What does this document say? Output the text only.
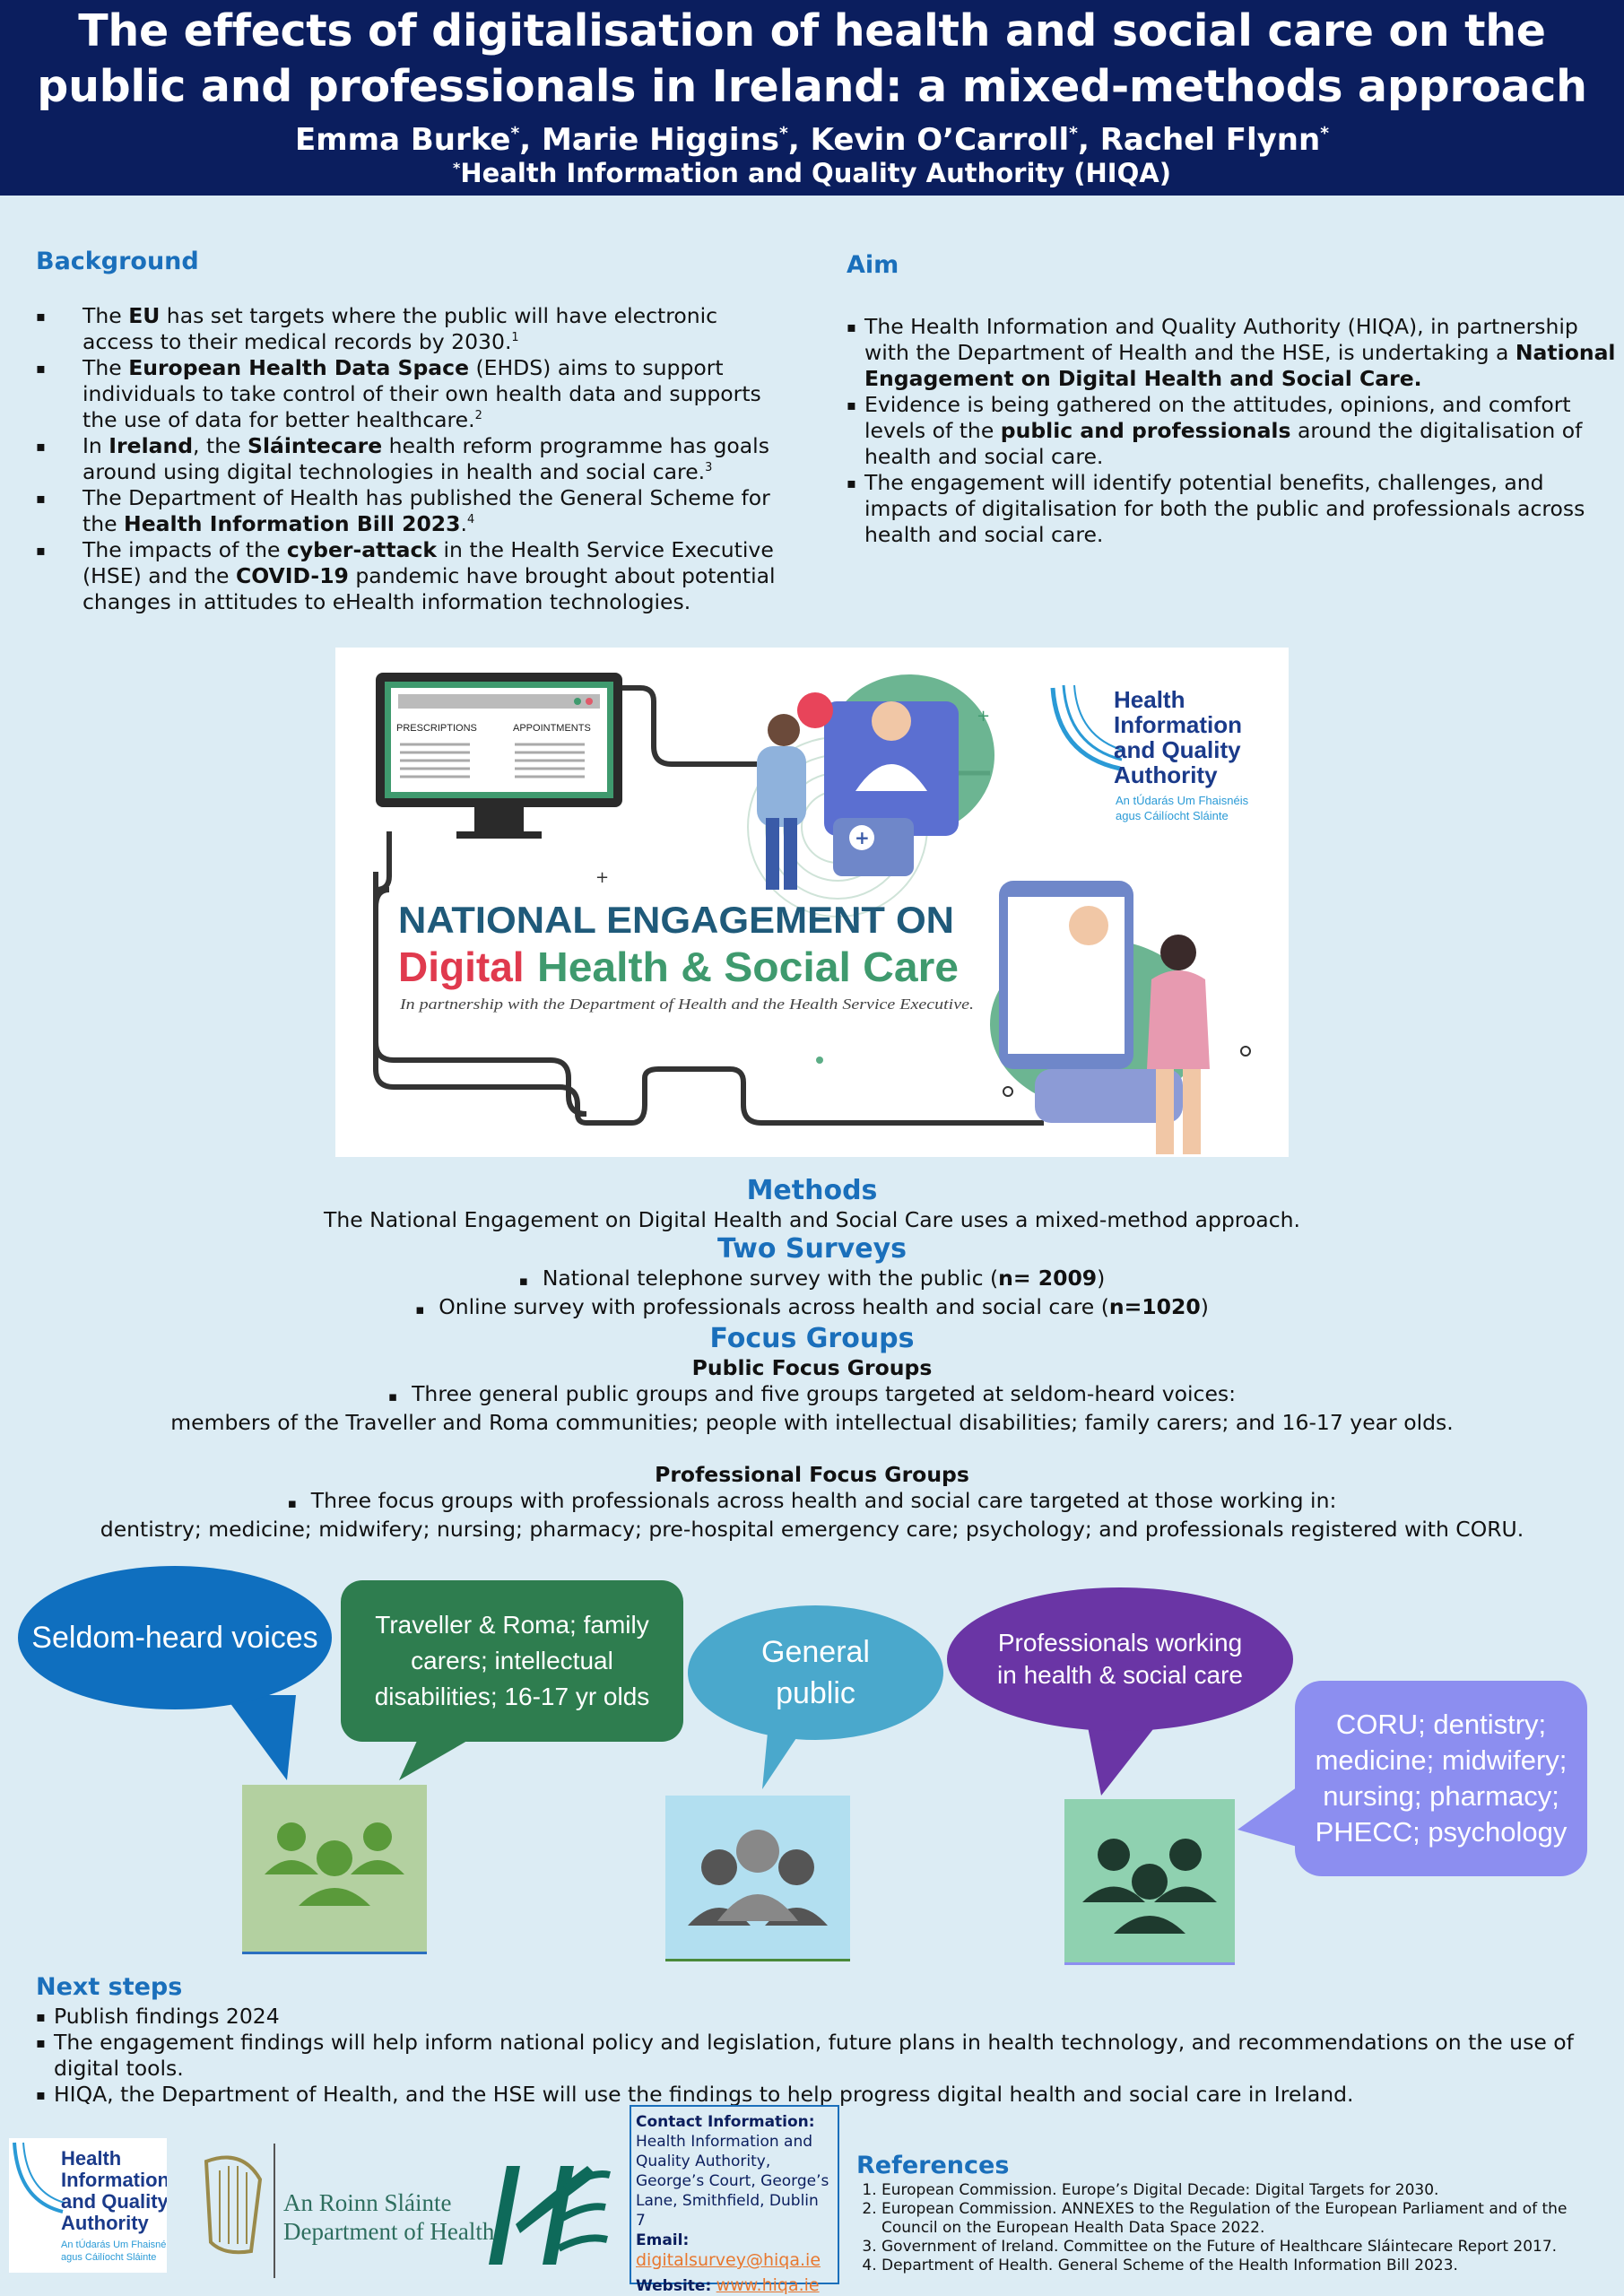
The effects of digitalisation of health and social care on the
public and professionals in Ireland: a mixed-methods approach
Emma Burke*, Marie Higgins*, Kevin O’Carroll*, Rachel Flynn*
*Health Information and Quality Authority (HIQA)
Background
▪ The EU has set targets where the public will have electronic access to their medical records by 2030.$^1$
▪ The European Health Data Space (EHDS) aims to support individuals to take control of their own health data and supports the use of data for better healthcare.$^2$
▪ In Ireland, the Sláintecare health reform programme has goals around using digital technologies in health and social care.$^3$
▪ The Department of Health has published the General Scheme for the Health Information Bill 2023.$^4$
▪ The impacts of the cyber-attack in the Health Service Executive (HSE) and the COVID-19 pandemic have brought about potential changes in attitudes to eHealth information technologies.
Aim
▪ The Health Information and Quality Authority (HIQA), in partnership with the Department of Health and the HSE, is undertaking a National Engagement on Digital Health and Social Care.
▪ Evidence is being gathered on the attitudes, opinions, and comfort levels of the public and professionals around the digitalisation of health and social care.
▪ The engagement will identify potential benefits, challenges, and impacts of digitalisation for both the public and professionals across health and social care.
PRESCRIPTIONS	APPOINTMENTS
+
+
+
Health
Information
and Quality
Authority
An tÚdarás Um Fhaisnéis
agus Cáilíocht Sláinte
NATIONAL ENGAGEMENT ON
Digital Health & Social Care
In partnership with the Department of Health and the Health Service Executive.
Methods
The National Engagement on Digital Health and Social Care uses a mixed-method approach.
Two Surveys
▪ National telephone survey with the public (n= 2009)
▪ Online survey with professionals across health and social care (n=1020)
Focus Groups
Public Focus Groups
▪ Three general public groups and five groups targeted at seldom-heard voices:
members of the Traveller and Roma communities; people with intellectual disabilities; family carers; and 16-17 year olds.
Professional Focus Groups
▪ Three focus groups with professionals across health and social care targeted at those working in:
dentistry; medicine; midwifery; nursing; pharmacy; pre-hospital emergency care; psychology; and professionals registered with CORU.
Seldom-heard voices	Traveller & Roma; family carers; intellectual disabilities; 16-17 yr olds
General public
Professionals working in health & social care
CORU; dentistry; medicine; midwifery; nursing; pharmacy; PHECC; psychology
Next steps
▪ Publish findings 2024
▪ The engagement findings will help inform national policy and legislation, future plans in health technology, and recommendations on the use of digital tools.
▪ HIQA, the Department of Health, and the HSE will use the findings to help progress digital health and social care in Ireland.
Health
Information
and Quality
Authority
An tÚdarás Um Fhaisnéis
agus Cáilíocht Sláinte
An Roinn Sláinte
Department of Health
Contact Information:
Health Information and Quality Authority, George’s Court, George’s Lane, Smithfield, Dublin 7
Email:
digitalsurvey@hiqa.ie
Website: www.hiqa.ie
References
1. European Commission. Europe’s Digital Decade: Digital Targets for 2030.
2. European Commission. ANNEXES to the Regulation of the European Parliament and of the Council on the European Health Data Space 2022.
3. Government of Ireland. Committee on the Future of Healthcare Sláintecare Report 2017.
4. Department of Health. General Scheme of the Health Information Bill 2023.
